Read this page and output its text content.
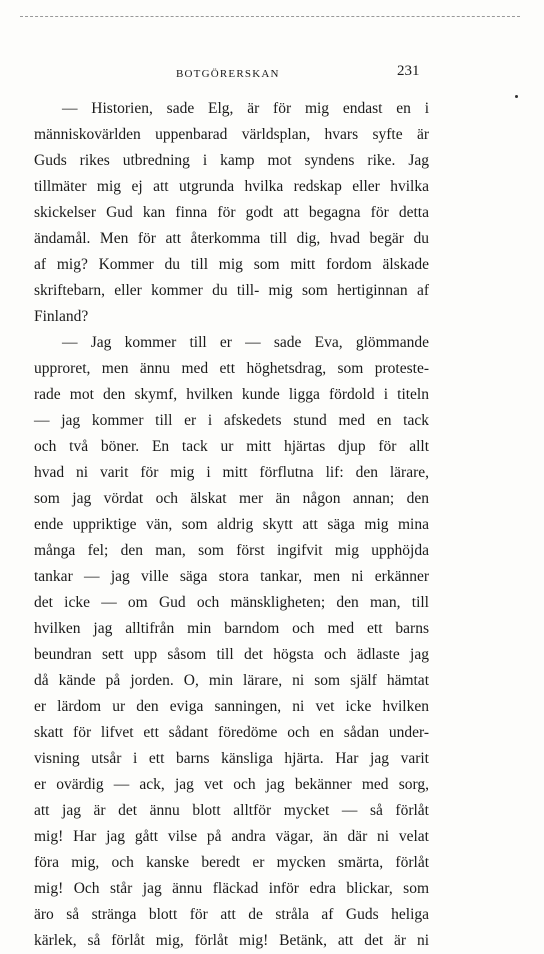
BOTGÖRERSKAN	231
— Historien, sade Elg, är för mig endast en i
människovärlden uppenbarad världsplan, hvars syfte är
Guds rikes utbredning i kamp mot syndens rike. Jag
tillmäter mig ej att utgrunda hvilka redskap eller hvilka
skickelser Gud kan finna för godt att begagna för detta
ändamål. Men för att återkomma till dig, hvad begär du
af mig? Kommer du till mig som mitt fordom älskade
skriftebarn, eller kommer du till- mig som hertiginnan af
Finland?
— Jag kommer till er — sade Eva, glömmande
upproret, men ännu med ett höghetsdrag, som proteste-
rade mot den skymf, hvilken kunde ligga fördold i titeln
— jag kommer till er i afskedets stund med en tack
och två böner. En tack ur mitt hjärtas djup för allt
hvad ni varit för mig i mitt förflutna lif: den lärare,
som jag vördat och älskat mer än någon annan; den
ende uppriktige vän, som aldrig skytt att säga mig mina
många fel; den man, som först ingifvit mig upphöjda
tankar — jag ville säga stora tankar, men ni erkänner
det icke — om Gud och mänskligheten; den man, till
hvilken jag alltifrån min barndom och med ett barns
beundran sett upp såsom till det högsta och ädlaste jag
då kände på jorden. O, min lärare, ni som själf hämtat
er lärdom ur den eviga sanningen, ni vet icke hvilken
skatt för lifvet ett sådant föredöme och en sådan under-
visning utsår i ett barns känsliga hjärta. Har jag varit
er ovärdig — ack, jag vet och jag bekänner med sorg,
att jag är det ännu blott alltför mycket — så förlåt
mig! Har jag gått vilse på andra vägar, än där ni velat
föra mig, och kanske beredt er mycken smärta, förlåt
mig! Och står jag ännu fläckad inför edra blickar, som
äro så stränga blott för att de stråla af Guds heliga
kärlek, så förlåt mig, förlåt mig! Betänk, att det är ni
